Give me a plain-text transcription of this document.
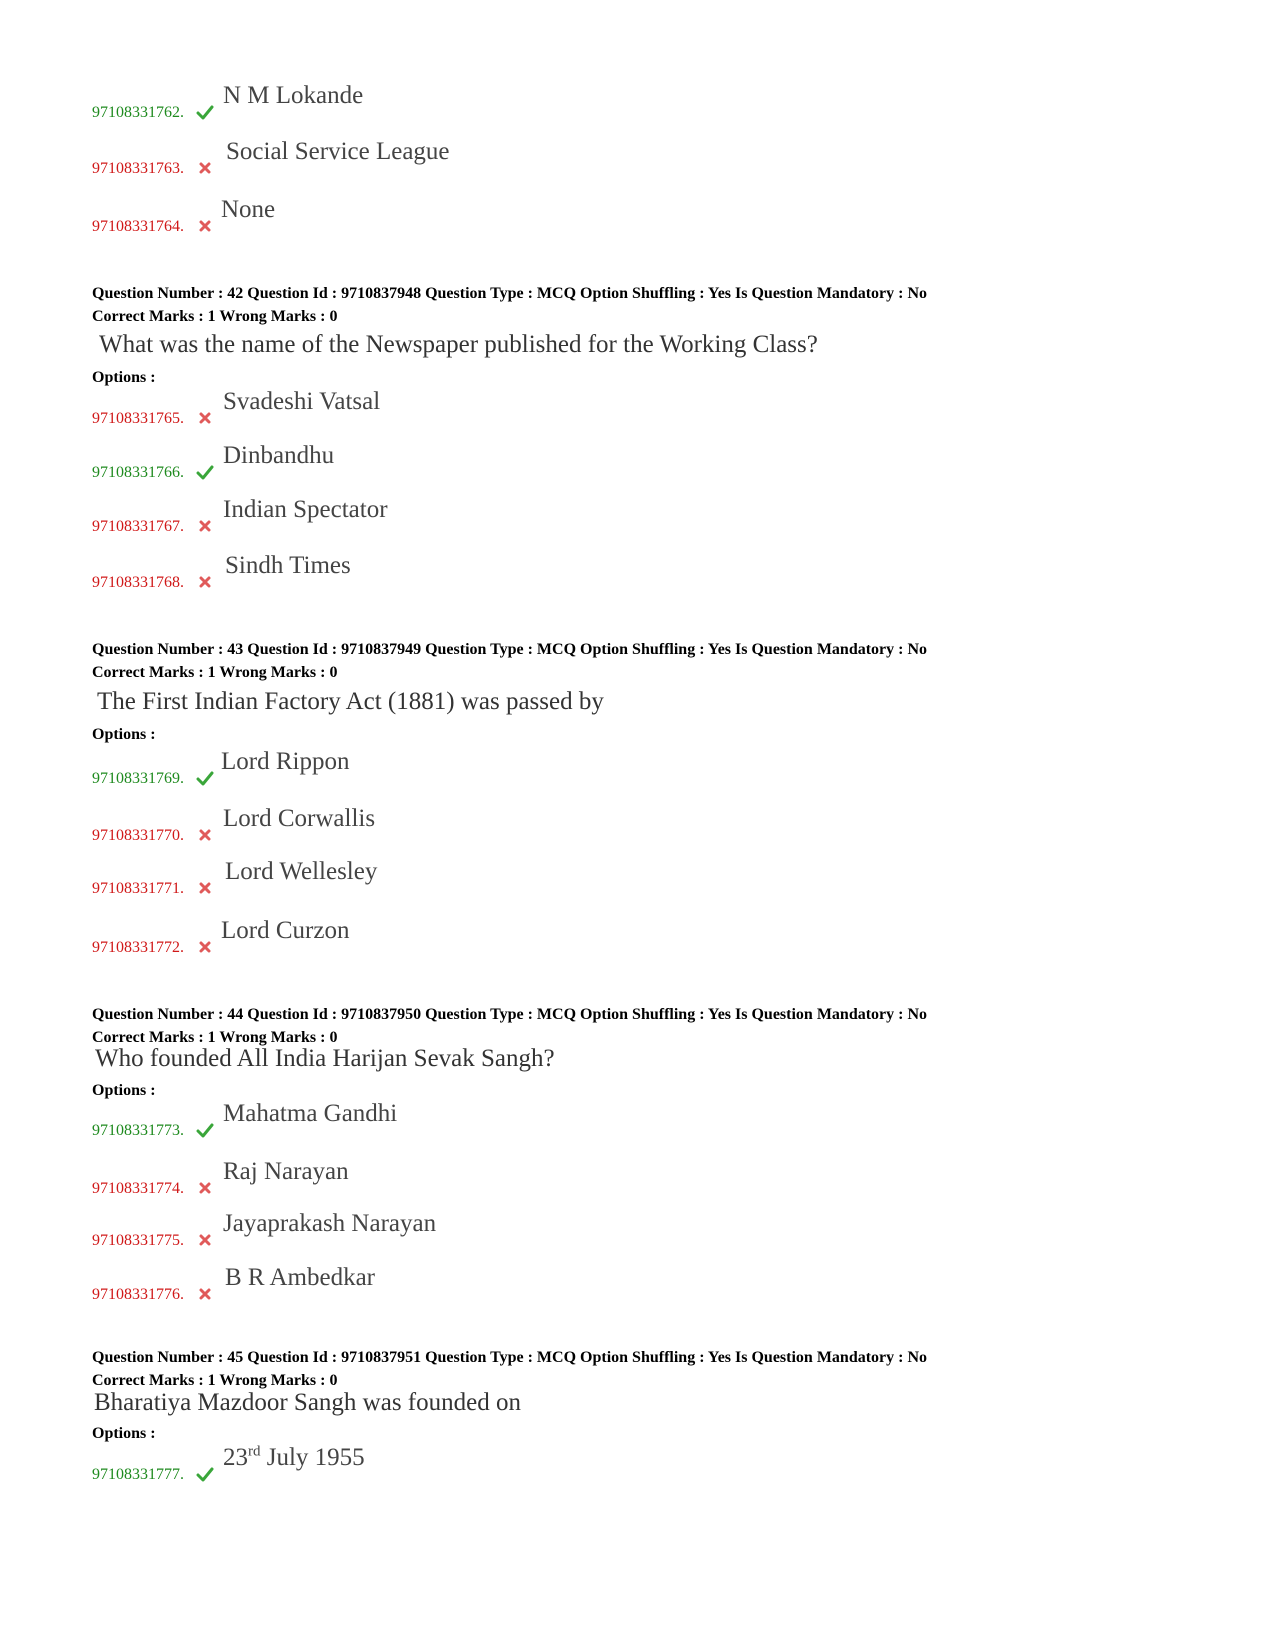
97108331762.
N M Lokande
97108331763.
Social Service League
97108331764.
None
Question Number : 42 Question Id : 9710837948 Question Type : MCQ Option Shuffling : Yes Is Question Mandatory : No
Correct Marks : 1 Wrong Marks : 0
What was the name of the Newspaper published for the Working Class?
Options :
97108331765.
Svadeshi Vatsal
97108331766.
Dinbandhu
97108331767.
Indian Spectator
97108331768.
Sindh Times
Question Number : 43 Question Id : 9710837949 Question Type : MCQ Option Shuffling : Yes Is Question Mandatory : No
Correct Marks : 1 Wrong Marks : 0
The First Indian Factory Act (1881) was passed by
Options :
97108331769.
Lord Rippon
97108331770.
Lord Corwallis
97108331771.
Lord Wellesley
97108331772.
Lord Curzon
Question Number : 44 Question Id : 9710837950 Question Type : MCQ Option Shuffling : Yes Is Question Mandatory : No
Correct Marks : 1 Wrong Marks : 0
Who founded All India Harijan Sevak Sangh?
Options :
97108331773.
Mahatma Gandhi
97108331774.
Raj Narayan
97108331775.
Jayaprakash Narayan
97108331776.
B R Ambedkar
Question Number : 45 Question Id : 9710837951 Question Type : MCQ Option Shuffling : Yes Is Question Mandatory : No
Correct Marks : 1 Wrong Marks : 0
Bharatiya Mazdoor Sangh was founded on
Options :
97108331777.
23rd July 1955
